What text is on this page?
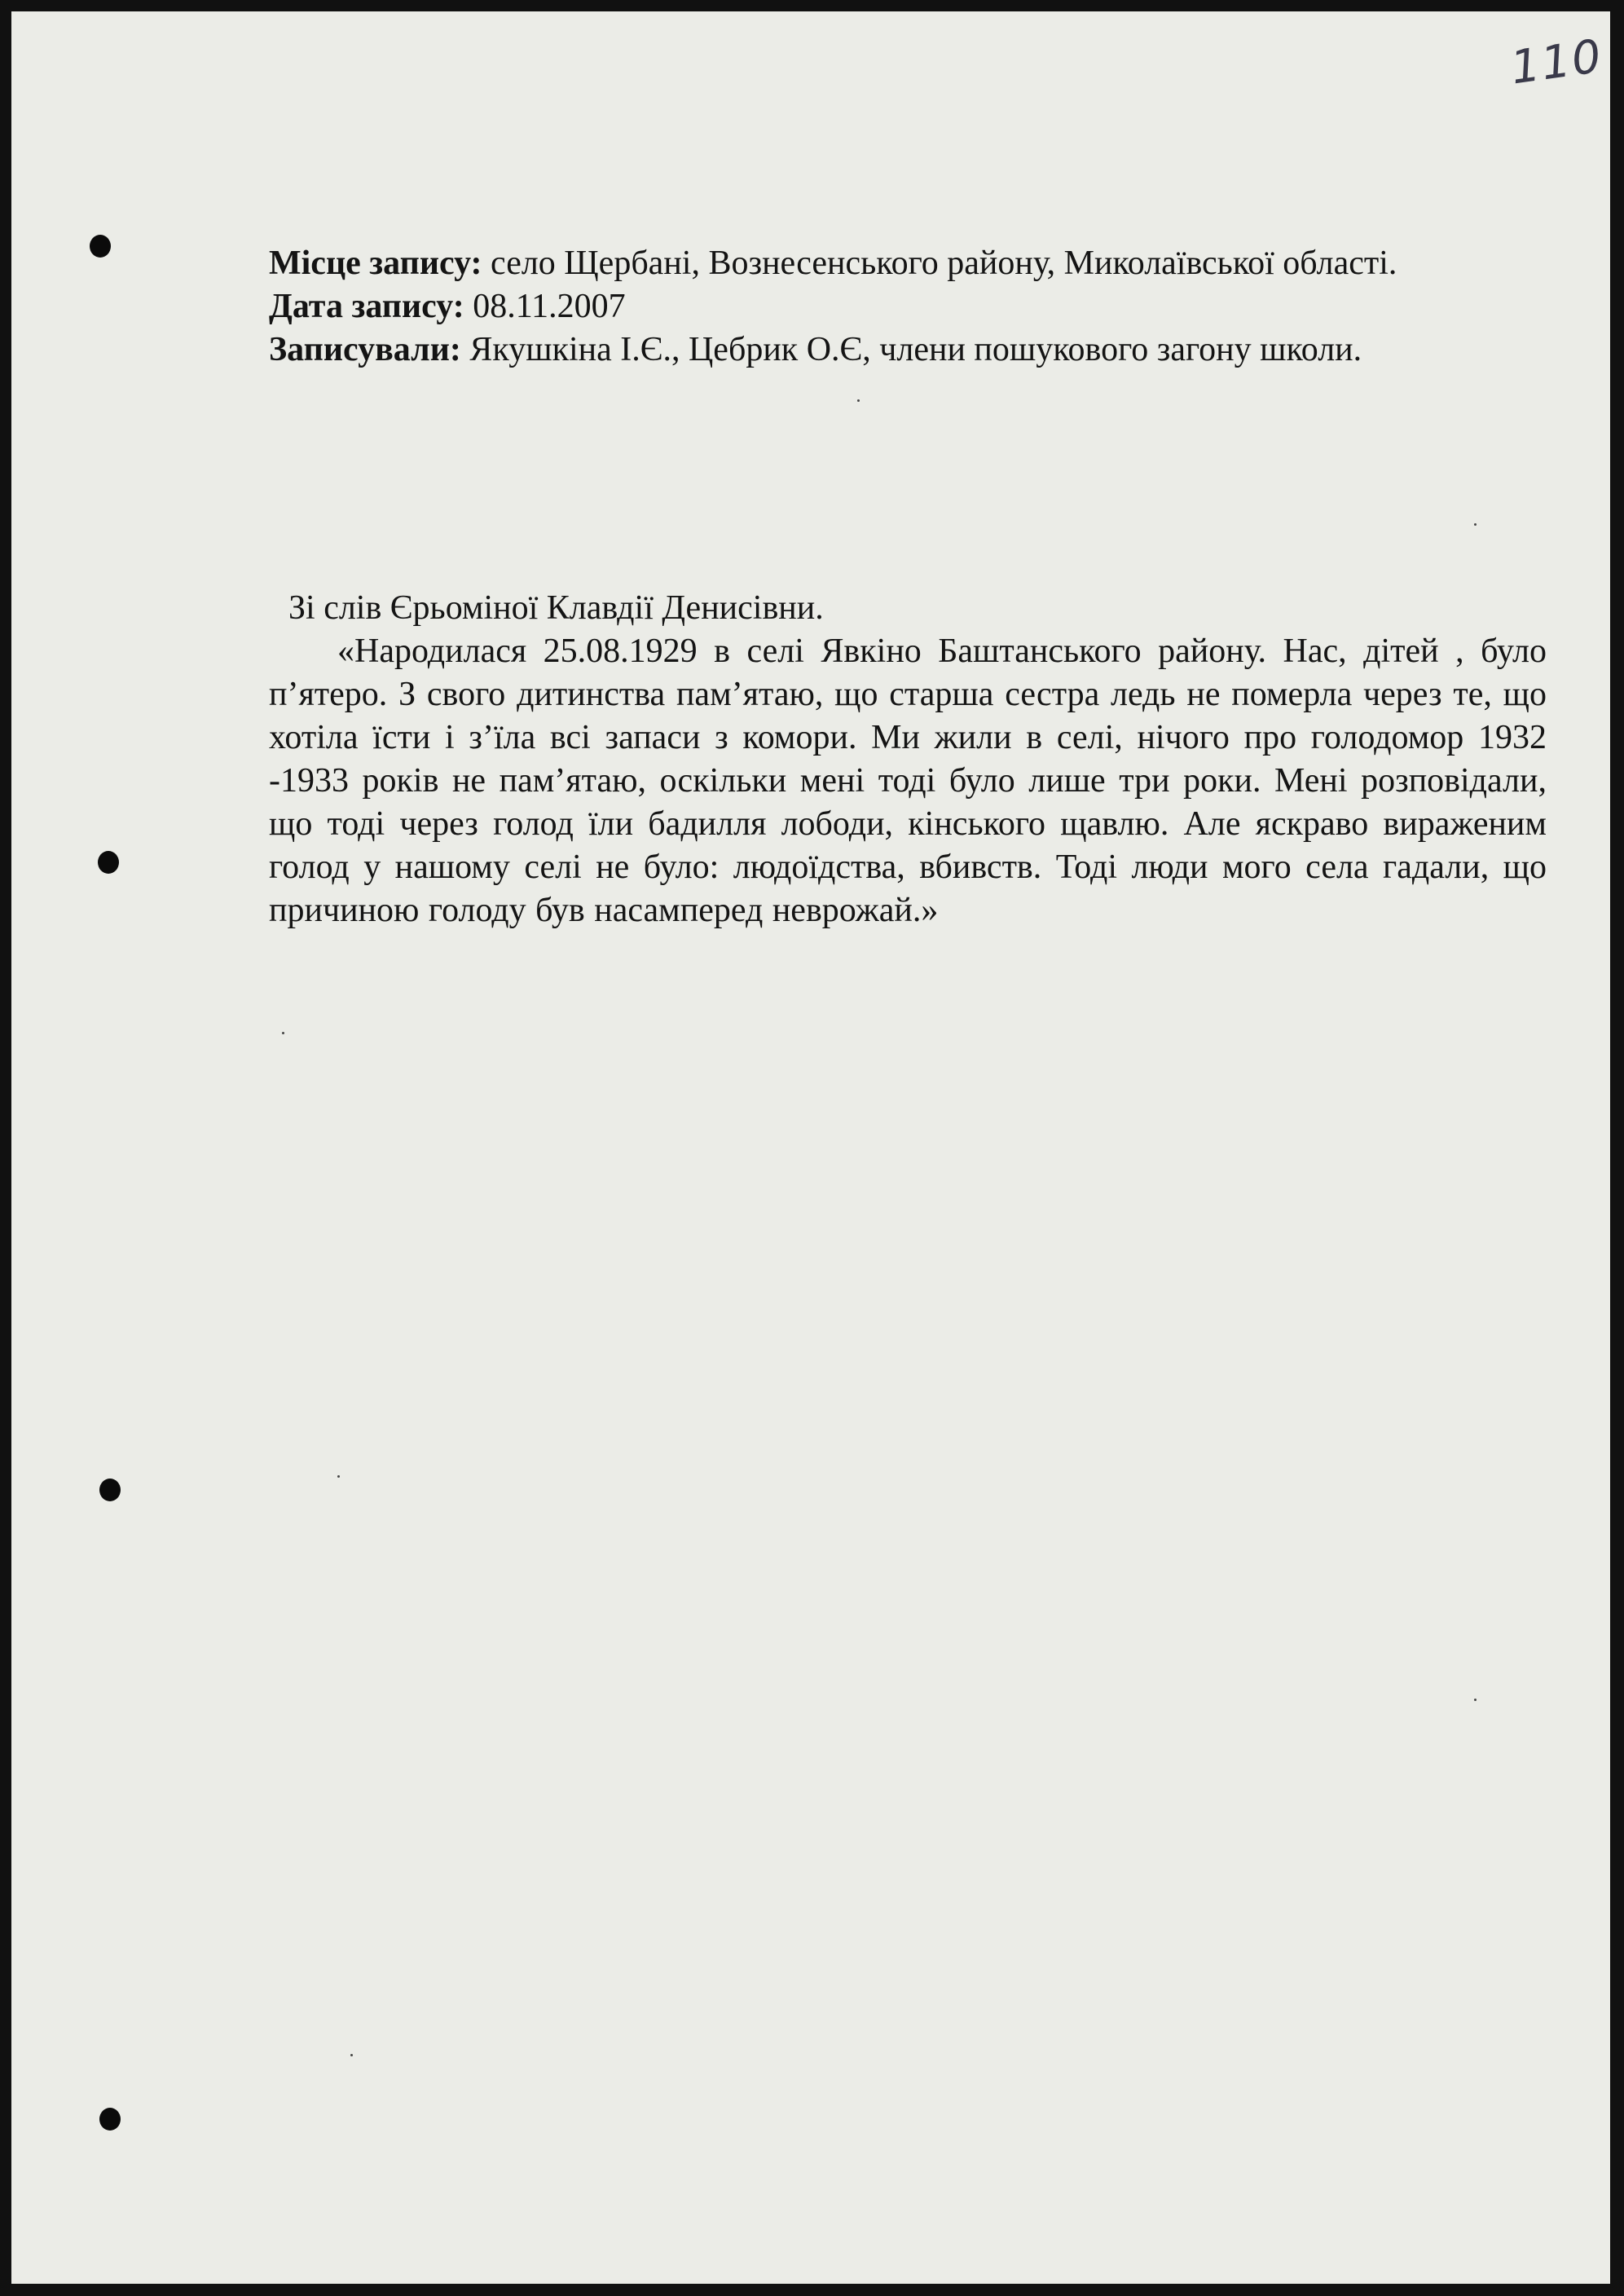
110
Місце запису: село Щербані, Вознесенського району, Миколаївської області.
Дата запису: 08.11.2007
Записували: Якушкіна І.Є., Цебрик О.Є, члени пошукового загону школи.
Зі слів Єрьоміної Клавдії Денисівни.
«Народилася 25.08.1929 в селі Явкіно Баштанського району. Нас, дітей , було п’ятеро. З свого дитинства пам’ятаю, що старша сестра ледь не померла через те, що хотіла їсти і з’їла всі запаси з комори. Ми жили в селі, нічого про голодомор 1932 -1933 років не пам’ятаю, оскільки мені тоді було лише три роки. Мені розповідали, що тоді через голод їли бадилля лободи, кінського щавлю. Але яскраво вираженим голод у нашому селі не було: людоїдства, вбивств. Тоді люди мого села гадали, що причиною голоду був насамперед неврожай.»
